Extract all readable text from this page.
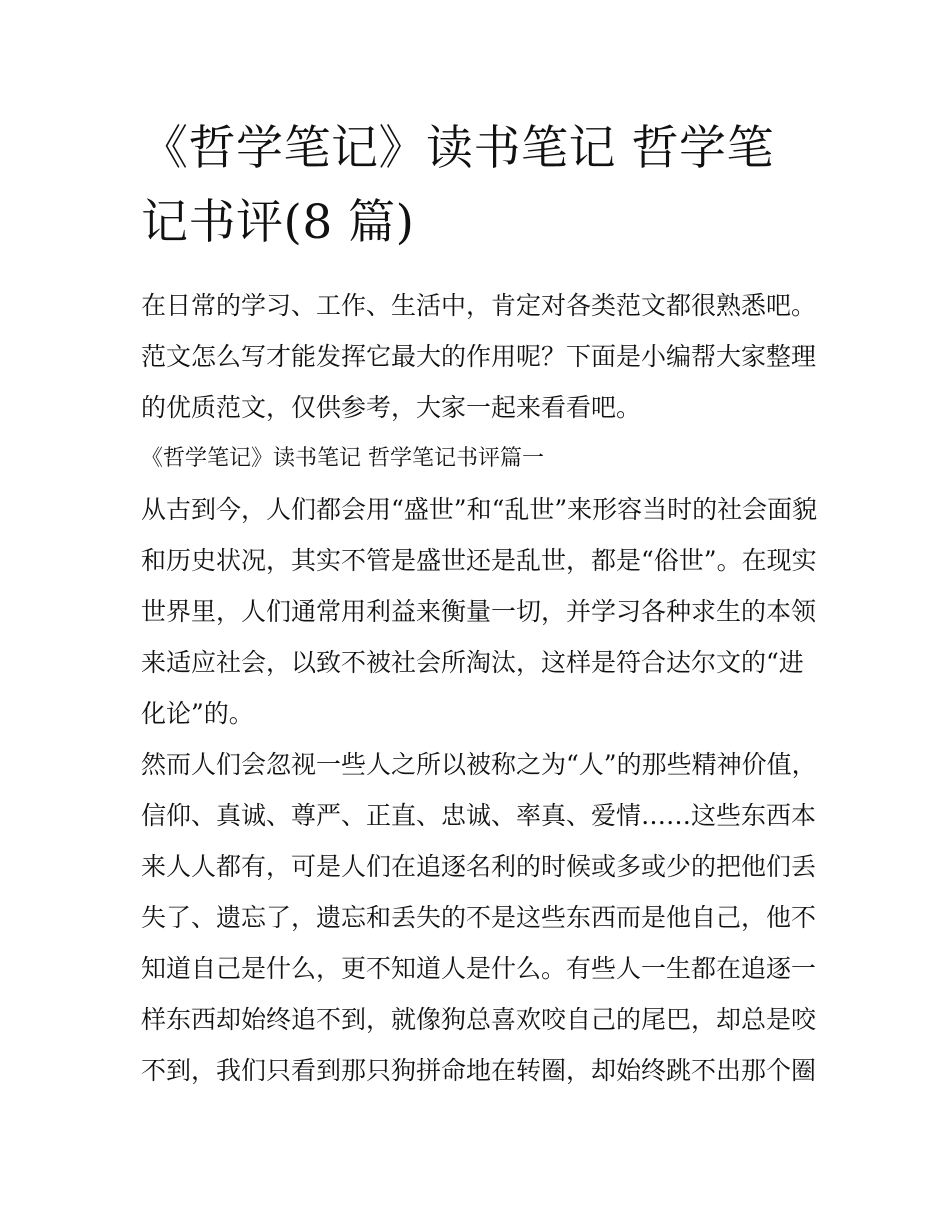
《哲学笔记》读书笔记 哲学笔
记书评(8 篇)

在日常的学习、工作、生活中，肯定对各类范文都很熟悉吧。
范文怎么写才能发挥它最大的作用呢？下面是小编帮大家整理
的优质范文，仅供参考，大家一起来看看吧。

《哲学笔记》读书笔记 哲学笔记书评篇一

从古到今，人们都会用“盛世”和“乱世”来形容当时的社会面貌
和历史状况，其实不管是盛世还是乱世，都是“俗世”。在现实
世界里，人们通常用利益来衡量一切，并学习各种求生的本领
来适应社会，以致不被社会所淘汰，这样是符合达尔文的“进
化论”的。

然而人们会忽视一些人之所以被称之为“人”的那些精神价值，
信仰、真诚、尊严、正直、忠诚、率真、爱情……这些东西本
来人人都有，可是人们在追逐名利的时候或多或少的把他们丢
失了、遗忘了，遗忘和丢失的不是这些东西而是他自己，他不
知道自己是什么，更不知道人是什么。有些人一生都在追逐一
样东西却始终追不到，就像狗总喜欢咬自己的尾巴，却总是咬
不到，我们只看到那只狗拼命地在转圈，却始终跳不出那个圈
